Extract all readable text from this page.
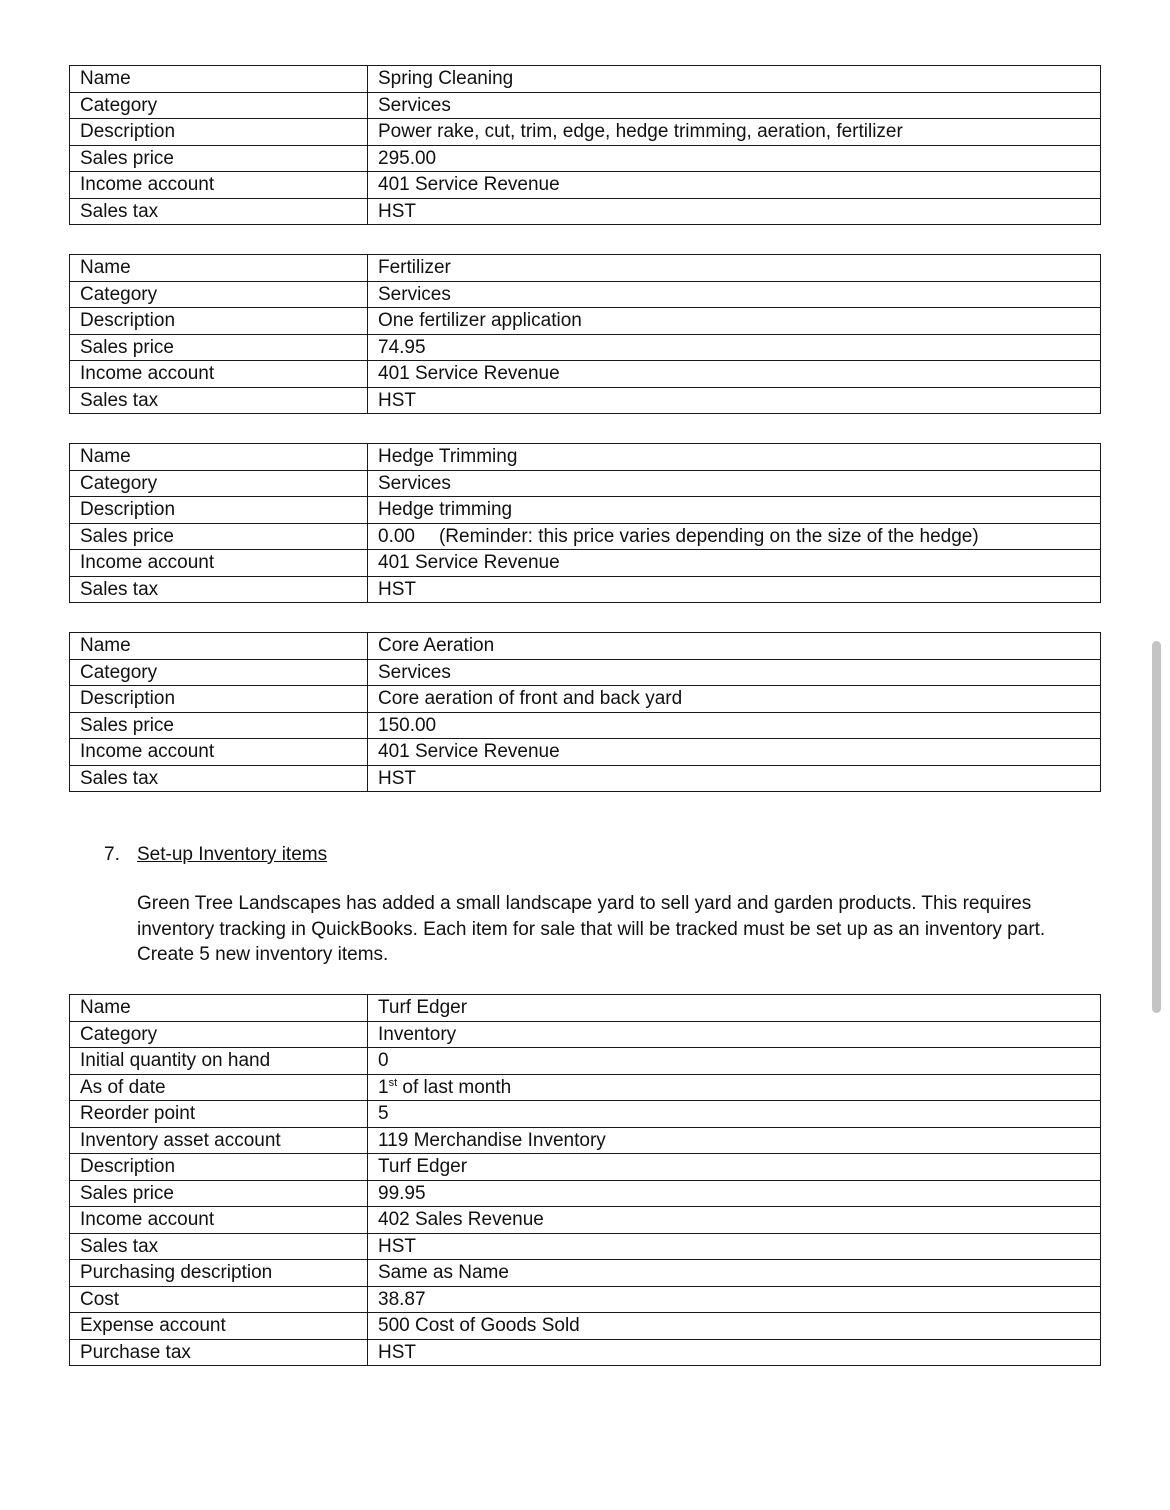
Name	Spring Cleaning
Category	Services
Description	Power rake, cut, trim, edge, hedge trimming, aeration, fertilizer
Sales price	295.00
Income account	401 Service Revenue
Sales tax	HST
Name	Fertilizer
Category	Services
Description	One fertilizer application
Sales price	74.95
Income account	401 Service Revenue
Sales tax	HST
Name	Hedge Trimming
Category	Services
Description	Hedge trimming
Sales price	0.00 (Reminder: this price varies depending on the size of the hedge)
Income account	401 Service Revenue
Sales tax	HST
Name	Core Aeration
Category	Services
Description	Core aeration of front and back yard
Sales price	150.00
Income account	401 Service Revenue
Sales tax	HST
7. Set-up Inventory items

Green Tree Landscapes has added a small landscape yard to sell yard and garden products. This requires inventory tracking in QuickBooks. Each item for sale that will be tracked must be set up as an inventory part. Create 5 new inventory items.

Name	Turf Edger
Category	Inventory
Initial quantity on hand	0
As of date	1st of last month
Reorder point	5
Inventory asset account	119 Merchandise Inventory
Description	Turf Edger
Sales price	99.95
Income account	402 Sales Revenue
Sales tax	HST
Purchasing description	Same as Name
Cost	38.87
Expense account	500 Cost of Goods Sold
Purchase tax	HST
